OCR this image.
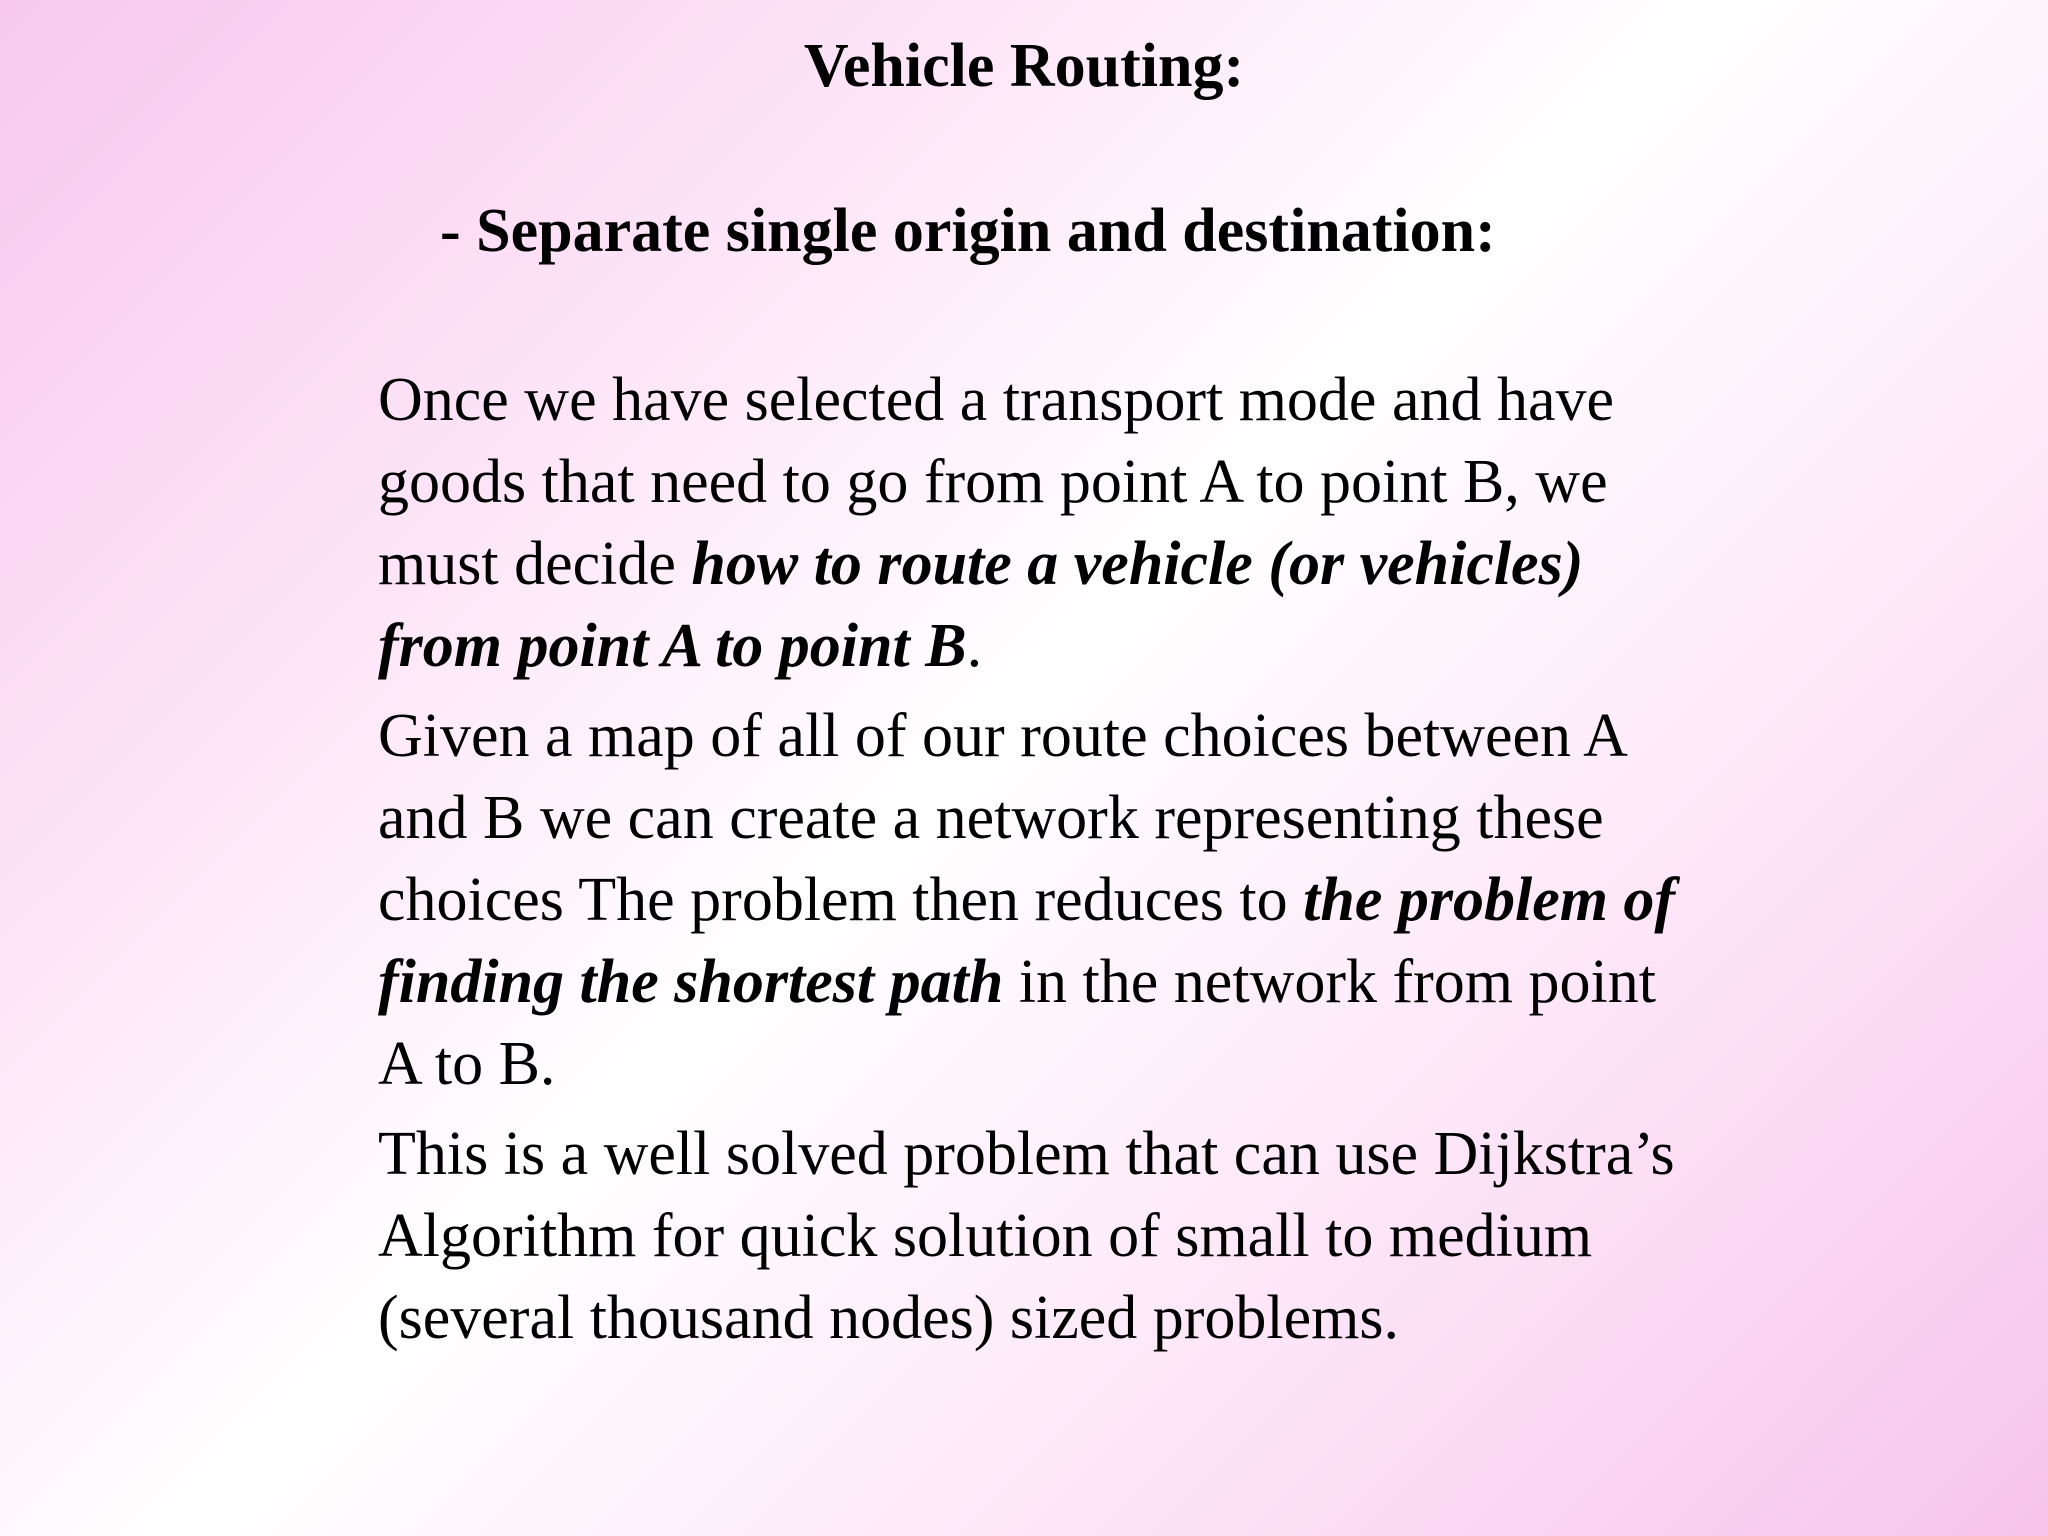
Vehicle Routing:
- Separate single origin and destination:

Once we have selected a transport mode and have
goods that need to go from point A to point B, we
must decide how to route a vehicle (or vehicles)
from point A to point B.

Given a map of all of our route choices between A
and B we can create a network representing these
choices The problem then reduces to the problem of
finding the shortest path in the network from point
A to B.

This is a well solved problem that can use Dijkstra’s
Algorithm for quick solution of small to medium
(several thousand nodes) sized problems.
